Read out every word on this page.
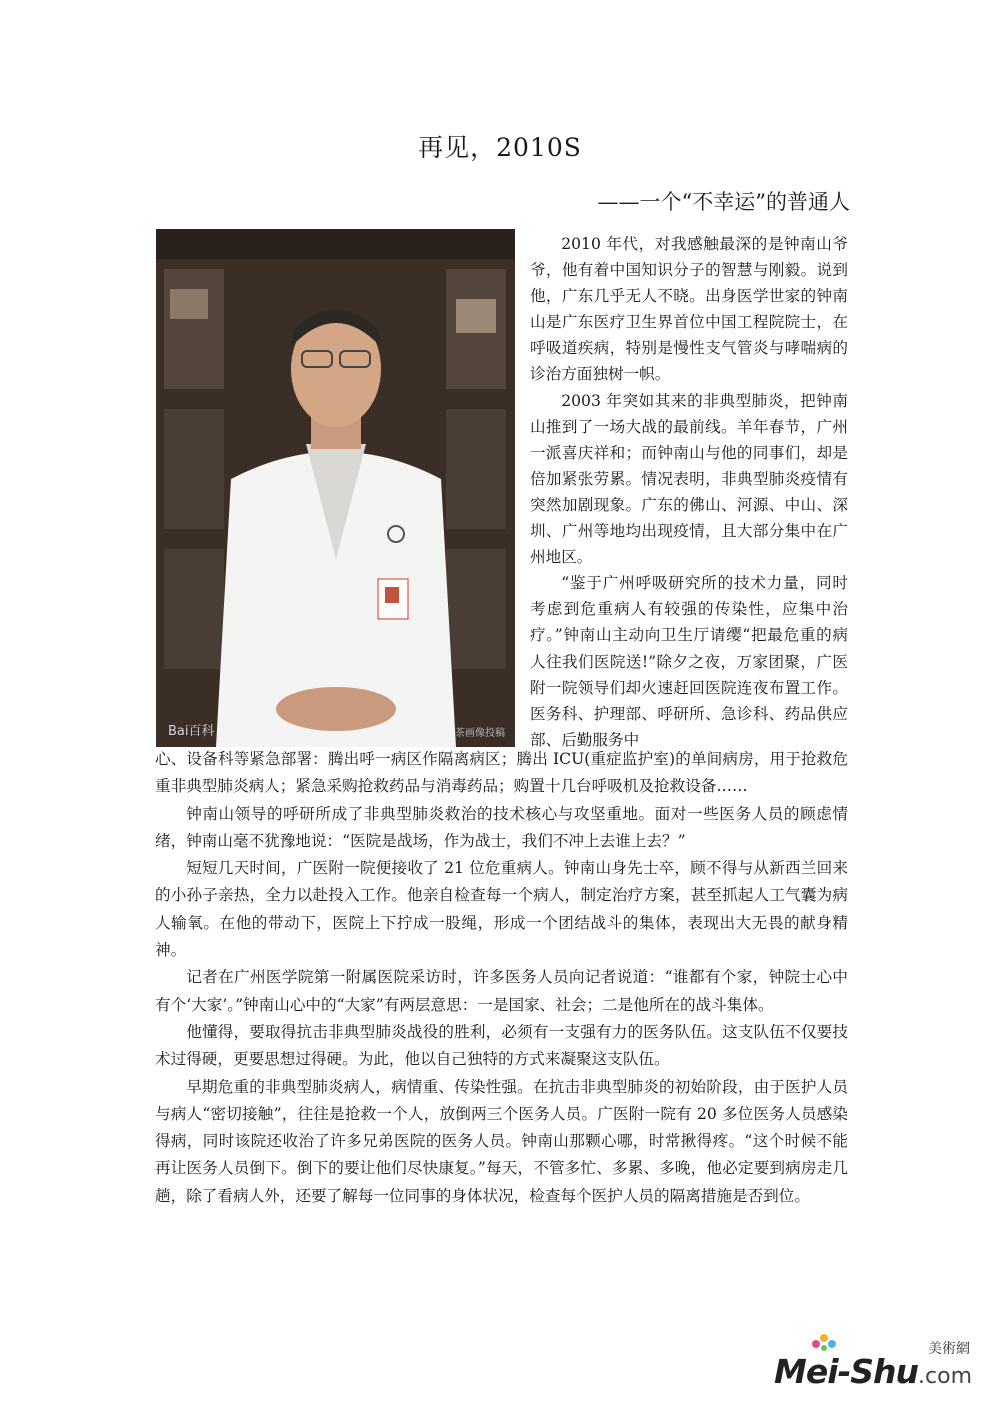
再见，2010S
——一个“不幸运”的普通人
Bai百科	@老茶画像投稿

2010 年代，对我感触最深的是钟南山爷爷，他有着中国知识分子的智慧与刚毅。说到他，广东几乎无人不晓。出身医学世家的钟南山是广东医疗卫生界首位中国工程院院士，在呼吸道疾病，特别是慢性支气管炎与哮喘病的诊治方面独树一帜。

2003 年突如其来的非典型肺炎，把钟南山推到了一场大战的最前线。羊年春节，广州一派喜庆祥和；而钟南山与他的同事们，却是倍加紧张劳累。情况表明，非典型肺炎疫情有突然加剧现象。广东的佛山、河源、中山、深圳、广州等地均出现疫情，且大部分集中在广州地区。

“鉴于广州呼吸研究所的技术力量，同时考虑到危重病人有较强的传染性，应集中治疗。”钟南山主动向卫生厅请缨“把最危重的病人往我们医院送!”除夕之夜，万家团聚，广医附一院领导们却火速赶回医院连夜布置工作。医务科、护理部、呼研所、急诊科、药品供应部、后勤服务中

心、设备科等紧急部署：腾出呼一病区作隔离病区；腾出 ICU(重症监护室)的单间病房，用于抢救危重非典型肺炎病人；紧急采购抢救药品与消毒药品；购置十几台呼吸机及抢救设备……

钟南山领导的呼研所成了非典型肺炎救治的技术核心与攻坚重地。面对一些医务人员的顾虑情绪，钟南山毫不犹豫地说：“医院是战场，作为战士，我们不冲上去谁上去？”

短短几天时间，广医附一院便接收了 21 位危重病人。钟南山身先士卒，顾不得与从新西兰回来的小孙子亲热，全力以赴投入工作。他亲自检查每一个病人，制定治疗方案，甚至抓起人工气囊为病人输氧。在他的带动下，医院上下拧成一股绳，形成一个团结战斗的集体，表现出大无畏的献身精神。

记者在广州医学院第一附属医院采访时，许多医务人员向记者说道：“谁都有个家，钟院士心中有个‘大家’。”钟南山心中的“大家”有两层意思：一是国家、社会；二是他所在的战斗集体。

他懂得，要取得抗击非典型肺炎战役的胜利，必须有一支强有力的医务队伍。这支队伍不仅要技术过得硬，更要思想过得硬。为此，他以自己独特的方式来凝聚这支队伍。

早期危重的非典型肺炎病人，病情重、传染性强。在抗击非典型肺炎的初始阶段，由于医护人员与病人“密切接触”，往往是抢救一个人，放倒两三个医务人员。广医附一院有 20 多位医务人员感染得病，同时该院还收治了许多兄弟医院的医务人员。钟南山那颗心哪，时常揪得疼。“这个时候不能再让医务人员倒下。倒下的要让他们尽快康复。”每天，不管多忙、多累、多晚，他必定要到病房走几趟，除了看病人外，还要了解每一位同事的身体状况，检查每个医护人员的隔离措施是否到位。

美術網
Mei-Shu.com
